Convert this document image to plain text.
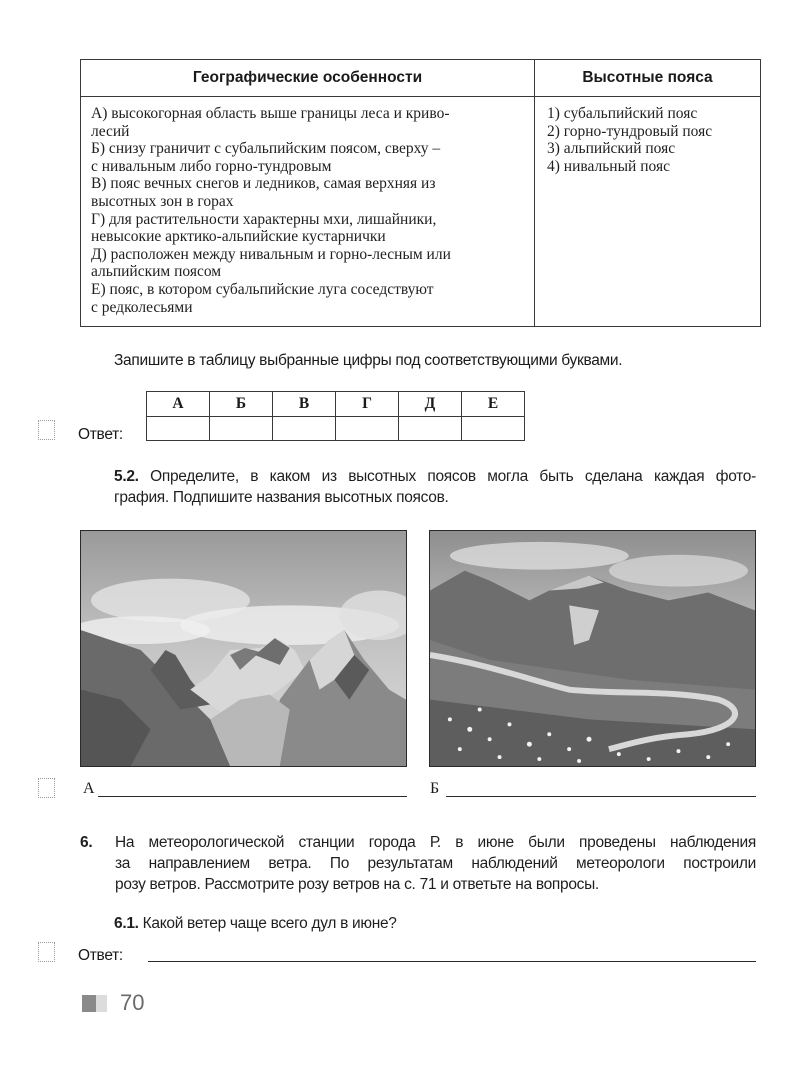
Географические особенности	Высотные пояса
А) высокогорная область выше границы леса и криво-
лесий
Б) снизу граничит с субальпийским поясом, сверху –
с нивальным либо горно-тундровым
В) пояс вечных снегов и ледников, самая верхняя из
высотных зон в горах
Г) для растительности характерны мхи, лишайники,
невысокие арктико-альпийские кустарнички
Д) расположен между нивальным и горно-лесным или
альпийским поясом
Е) пояс, в котором субальпийские луга соседствуют
с редколесьями
1) субальпийский пояс
2) горно-тундровый пояс
3) альпийский пояс
4) нивальный пояс
Запишите в таблицу выбранные цифры под соответствующими буквами.
Ответ:
А	Б	В	Г	Д	Е

5.2. Определите, в каком из высотных поясов могла быть сделана каждая фото-
графия. Подпишите названия высотных поясов.
А	Б
6. На метеорологической станции города Р. в июне были проведены наблюдения
за направлением ветра. По результатам наблюдений метеорологи построили
розу ветров. Рассмотрите розу ветров на с. 71 и ответьте на вопросы.
6.1. Какой ветер чаще всего дул в июне?
Ответ:
70
